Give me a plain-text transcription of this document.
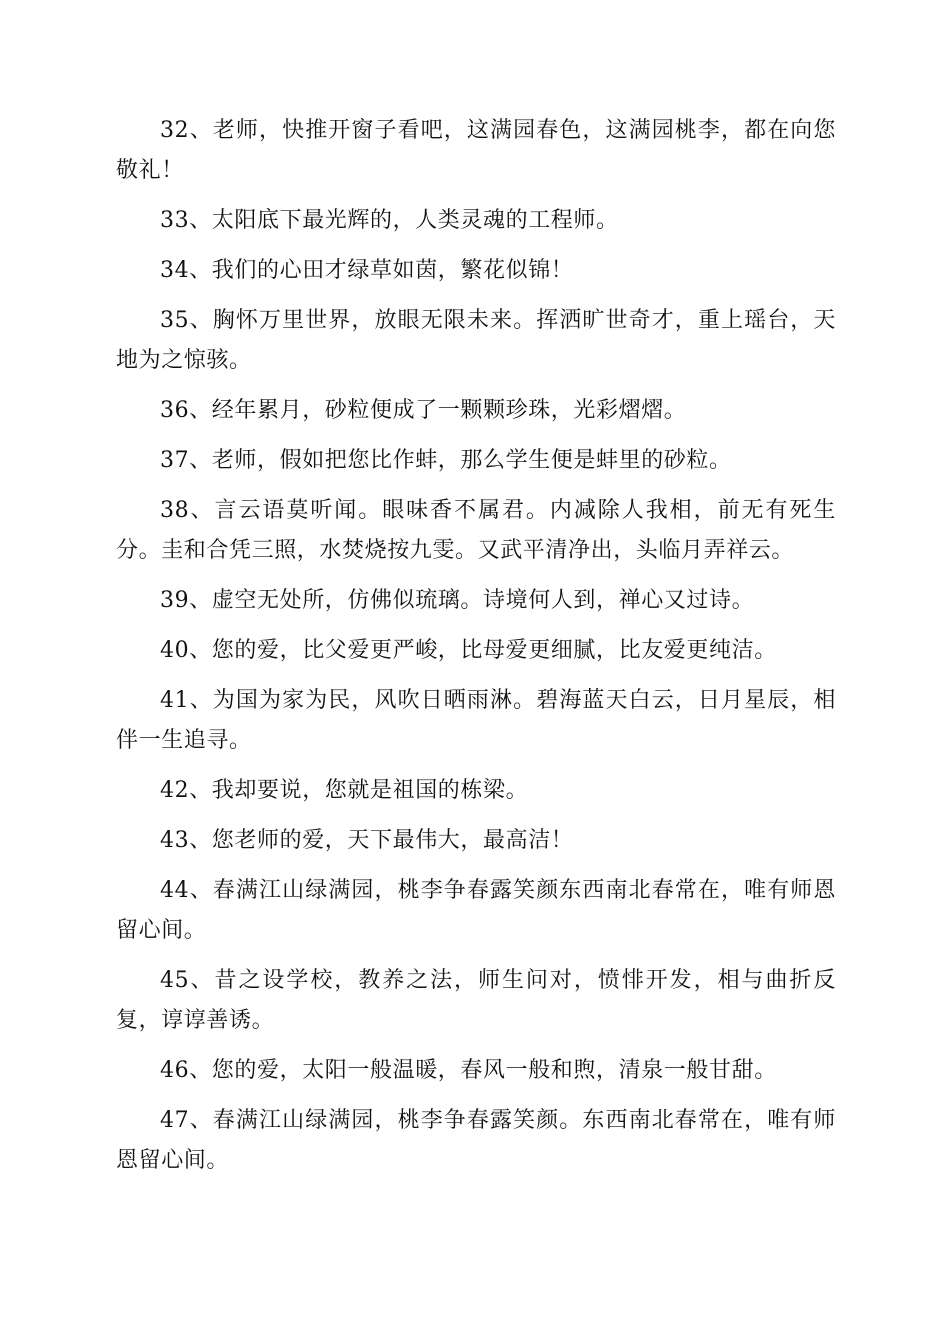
32、老师，快推开窗子看吧，这满园春色，这满园桃李，都在向您敬礼！

33、太阳底下最光辉的，人类灵魂的工程师。

34、我们的心田才绿草如茵，繁花似锦！

35、胸怀万里世界，放眼无限未来。挥洒旷世奇才，重上瑶台，天地为之惊骇。

36、经年累月，砂粒便成了一颗颗珍珠，光彩熠熠。

37、老师，假如把您比作蚌，那么学生便是蚌里的砂粒。

38、言云语莫听闻。眼味香不属君。内减除人我相，前无有死生分。圭和合凭三照，水焚烧按九雯。又武平清净出，头临月弄祥云。

39、虚空无处所，仿佛似琉璃。诗境何人到，禅心又过诗。

40、您的爱，比父爱更严峻，比母爱更细腻，比友爱更纯洁。

41、为国为家为民，风吹日晒雨淋。碧海蓝天白云，日月星辰，相伴一生追寻。

42、我却要说，您就是祖国的栋梁。

43、您老师的爱，天下最伟大，最高洁！

44、春满江山绿满园，桃李争春露笑颜东西南北春常在，唯有师恩留心间。

45、昔之设学校，教养之法，师生问对，愤悱开发，相与曲折反复，谆谆善诱。

46、您的爱，太阳一般温暖，春风一般和煦，清泉一般甘甜。

47、春满江山绿满园，桃李争春露笑颜。东西南北春常在，唯有师恩留心间。
